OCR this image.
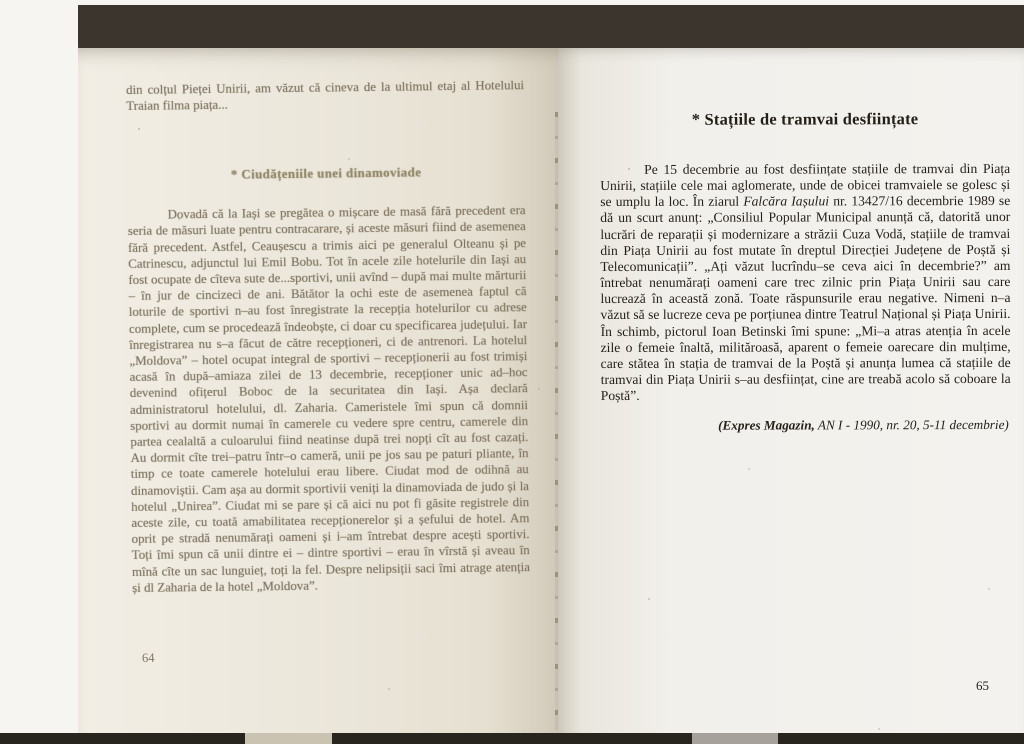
din colțul Pieței Unirii, am văzut că cineva de la ultimul etaj al Hotelului Traian filma piața...

* Ciudățeniile unei dinamoviade

Dovadă că la Iași se pregătea o mișcare de masă fără precedent era seria de măsuri luate pentru contracarare, și aceste măsuri fiind de asemenea fără precedent. Astfel, Ceaușescu a trimis aici pe generalul Olteanu și pe Catrinescu, adjunctul lui Emil Bobu. Tot în acele zile hotelurile din Iași au fost ocupate de cîteva sute de...sportivi, unii avînd – după mai multe mărturii – în jur de cincizeci de ani. Bătător la ochi este de asemenea faptul că loturile de sportivi n–au fost înregistrate la recepția hotelurilor cu adrese complete, cum se procedează îndeobște, ci doar cu specificarea județului. Iar înregistrarea nu s–a făcut de către recepționeri, ci de antrenori. La hotelul „Moldova” – hotel ocupat integral de sportivi – recepționerii au fost trimiși acasă în după–amiaza zilei de 13 decembrie, recepționer unic ad–hoc devenind ofițerul Boboc de la securitatea din Iași. Așa declară administratorul hotelului, dl. Zaharia. Cameristele îmi spun că domnii sportivi au dormit numai în camerele cu vedere spre centru, camerele din partea cealaltă a culoarului fiind neatinse după trei nopți cît au fost cazați. Au dormit cîte trei–patru într–o cameră, unii pe jos sau pe paturi pliante, în timp ce toate camerele hotelului erau libere. Ciudat mod de odihnă au dinamoviștii. Cam așa au dormit sportivii veniți la dinamoviada de judo și la hotelul „Unirea”. Ciudat mi se pare și că aici nu pot fi găsite registrele din aceste zile, cu toată amabilitatea recepționerelor și a șefului de hotel. Am oprit pe stradă nenumărați oameni și i–am întrebat despre acești sportivi. Toți îmi spun că unii dintre ei – dintre sportivi – erau în vîrstă și aveau în mînă cîte un sac lunguieț, toți la fel. Despre nelipsiții saci îmi atrage atenția și dl Zaharia de la hotel „Moldova”.

64

* Stațiile de tramvai desființate

Pe 15 decembrie au fost desființate stațiile de tramvai din Piața Unirii, stațiile cele mai aglomerate, unde de obicei tramvaiele se golesc și se umplu la loc. În ziarul Falcăra Iașului nr. 13427/16 decembrie 1989 se dă un scurt anunț: „Consiliul Popular Municipal anunță că, datorită unor lucrări de reparații și modernizare a străzii Cuza Vodă, stațiile de tramvai din Piața Unirii au fost mutate în dreptul Direcției Județene de Poștă și Telecomunicații”. „Ați văzut lucrîndu–se ceva aici în decembrie?” am întrebat nenumărați oameni care trec zilnic prin Piața Unirii sau care lucrează în această zonă. Toate răspunsurile erau negative. Nimeni n–a văzut să se lucreze ceva pe porțiunea dintre Teatrul Național și Piața Unirii. În schimb, pictorul Ioan Betinski îmi spune: „Mi–a atras atenția în acele zile o femeie înaltă, milităroasă, aparent o femeie oarecare din mulțime, care stătea în stația de tramvai de la Poștă și anunța lumea că stațiile de tramvai din Piața Unirii s–au desființat, cine are treabă acolo să coboare la Poștă”.

(Expres Magazin, AN I - 1990, nr. 20, 5-11 decembrie)

65
